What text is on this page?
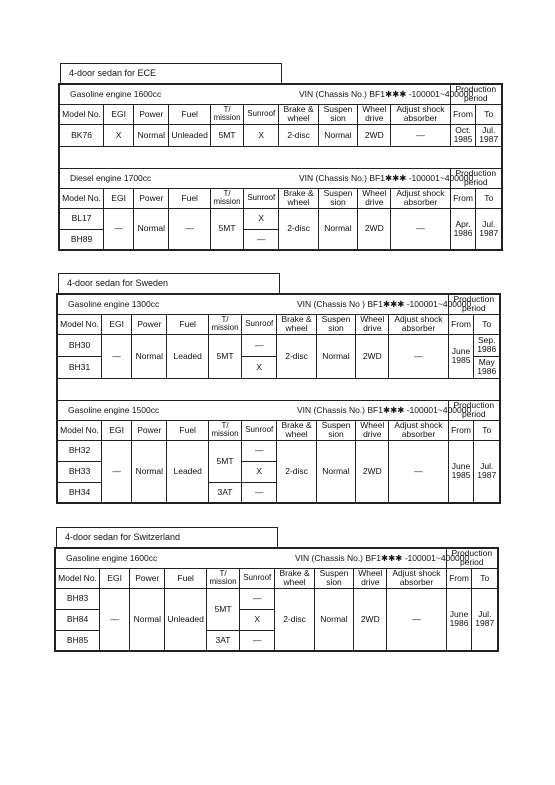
4-door sedan for ECE
Gasoline engine 1600cc VIN (Chassis No.) BF1✱✱✱ -100001~400000										Production period	
Model No.	EGI	Power	Fuel	T/ mission	Sunroof	Brake & wheel	Suspen sion	Wheel drive	Adjust shock absorber	From	To
BK76	X	Normal	Unleaded	5MT	X	2-disc	Normal	2WD	—	Oct. 1985	Jul. 1987

Diesel engine 1700cc VIN (Chassis No.) BF1✱✱✱ -100001~400000										Production period	
Model No.	EGI	Power	Fuel	T/ mission	Sunroof	Brake & wheel	Suspen sion	Wheel drive	Adjust shock absorber	From	To
BL17	—	Normal	—	5MT	X	2-disc	Normal	2WD	—	Apr. 1986	Jul. 1987
BH89					—						
4-door sedan for Sweden
Gasoline engine 1300cc VIN (Chassis No ) BF1✱✱✱ -100001~400000										Production period	
Model No.	EGI	Power	Fuel	T/ mission	Sunroof	Brake & wheel	Suspen sion	Wheel drive	Adjust shock absorber	From	To
BH30	—	Normal	Leaded	5MT	—	2-disc	Normal	2WD	—	June 1985	Sep. 1986
BH31					X						May 1986

Gasoline engine 1500cc VIN (Chassis No.) BF1✱✱✱ -100001~400000										Production period	
Model No.	EGI	Power	Fuel	T/ mission	Sunroof	Brake & wheel	Suspen sion	Wheel drive	Adjust shock absorber	From	To
BH32	—	Normal	Leaded	5MT	—	2-disc	Normal	2WD	—	June 1985	Jul. 1987
BH33					X						
BH34				3AT	—						
4-door sedan for Switzerland
Gasoline engine 1600cc VIN (Chassis No.) BF1✱✱✱ -100001~400000										Production period	
Model No.	EGI	Power	Fuel	T/ mission	Sunroof	Brake & wheel	Suspen sion	Wheel drive	Adjust shock absorber	From	To
BH83	—	Normal	Unleaded	5MT	—	2-disc	Normal	2WD	—	June 1986	Jul. 1987
BH84					X						
BH85				3AT	—						
